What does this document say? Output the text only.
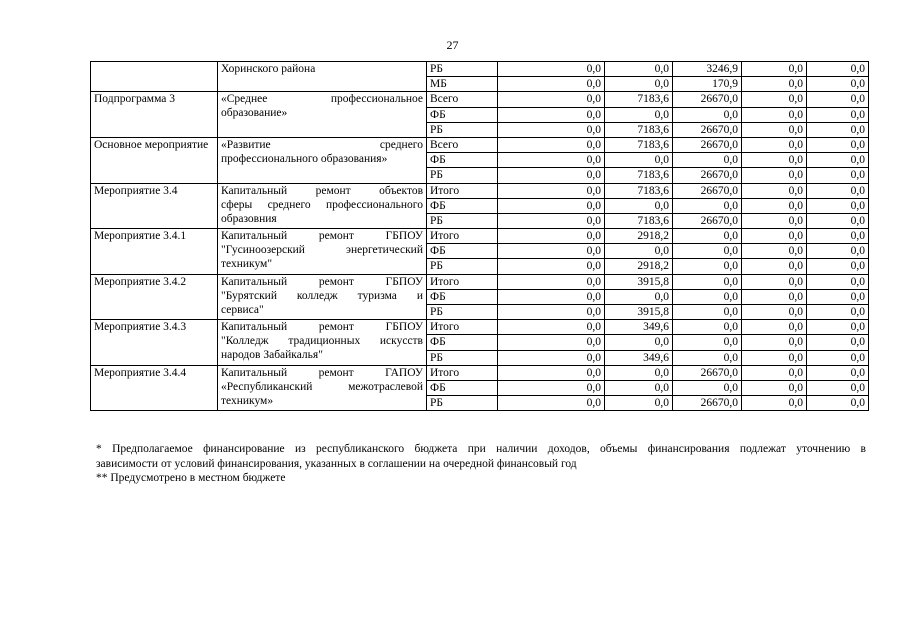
27

	Хоринского района	РБ	0,0	0,0	3246,9	0,0	0,0
		МБ	0,0	0,0	170,9	0,0	0,0
Подпрограмма 3	«Среднее профессиональное
образование»	Всего	0,0	7183,6	26670,0	0,0	0,0
		ФБ	0,0	0,0	0,0	0,0	0,0
		РБ	0,0	7183,6	26670,0	0,0	0,0
Основное мероприятие	«Развитие среднего
профессионального образования»	Всего	0,0	7183,6	26670,0	0,0	0,0
		ФБ	0,0	0,0	0,0	0,0	0,0
		РБ	0,0	7183,6	26670,0	0,0	0,0
Мероприятие 3.4	Капитальный ремонт объектов
сферы среднего профессионального
образовния	Итого	0,0	7183,6	26670,0	0,0	0,0
		ФБ	0,0	0,0	0,0	0,0	0,0
		РБ	0,0	7183,6	26670,0	0,0	0,0
Мероприятие 3.4.1	Капитальный ремонт ГБПОУ
"Гусиноозерский энергетический
техникум"	Итого	0,0	2918,2	0,0	0,0	0,0
		ФБ	0,0	0,0	0,0	0,0	0,0
		РБ	0,0	2918,2	0,0	0,0	0,0
Мероприятие 3.4.2	Капитальный ремонт ГБПОУ
"Бурятский колледж туризма и
сервиса"	Итого	0,0	3915,8	0,0	0,0	0,0
		ФБ	0,0	0,0	0,0	0,0	0,0
		РБ	0,0	3915,8	0,0	0,0	0,0
Мероприятие 3.4.3	Капитальный ремонт ГБПОУ
"Колледж традиционных искусств
народов Забайкалья"	Итого	0,0	349,6	0,0	0,0	0,0
		ФБ	0,0	0,0	0,0	0,0	0,0
		РБ	0,0	349,6	0,0	0,0	0,0
Мероприятие 3.4.4	Капитальный ремонт ГАПОУ
«Республиканский межотраслевой
техникум»	Итого	0,0	0,0	26670,0	0,0	0,0
		ФБ	0,0	0,0	0,0	0,0	0,0
		РБ	0,0	0,0	26670,0	0,0	0,0

* Предполагаемое финансирование из республиканского бюджета при наличии доходов, объемы финансирования подлежат уточнению в

зависимости от условий финансирования, указанных в соглашении на очередной финансовый год

** Предусмотрено в местном бюджете
